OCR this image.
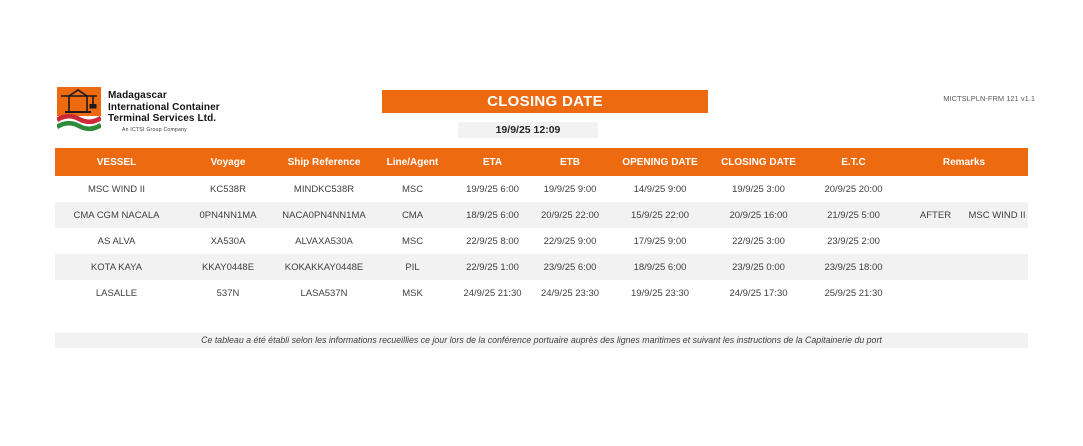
Madagascar
International Container
Terminal Services Ltd.
An ICTSI Group Company
CLOSING DATE
19/9/25 12:09
MICTSLPLN-FRM 121 v1.1
VESSEL	Voyage	Ship Reference	Line/Agent	ETA	ETB	OPENING DATE	CLOSING DATE	E.T.C	Remarks
MSC WIND II	KC538R	MINDKC538R	MSC	19/9/25 6:00	19/9/25 9:00	14/9/25 9:00	19/9/25 3:00	20/9/25 20:00	
CMA CGM NACALA	0PN4NN1MA	NACA0PN4NN1MA	CMA	18/9/25 6:00	20/9/25 22:00	15/9/25 22:00	20/9/25 16:00	21/9/25 5:00	AFTER MSC WIND II
AS ALVA	XA530A	ALVAXA530A	MSC	22/9/25 8:00	22/9/25 9:00	17/9/25 9:00	22/9/25 3:00	23/9/25 2:00	
KOTA KAYA	KKAY0448E	KOKAKKAY0448E	PIL	22/9/25 1:00	23/9/25 6:00	18/9/25 6:00	23/9/25 0:00	23/9/25 18:00	
LASALLE	537N	LASA537N	MSK	24/9/25 21:30	24/9/25 23:30	19/9/25 23:30	24/9/25 17:30	25/9/25 21:30	
Ce tableau a été établi selon les informations recueillies ce jour lors de la conférence portuaire auprès des lignes maritimes et suivant les instructions de la Capitainerie du port
